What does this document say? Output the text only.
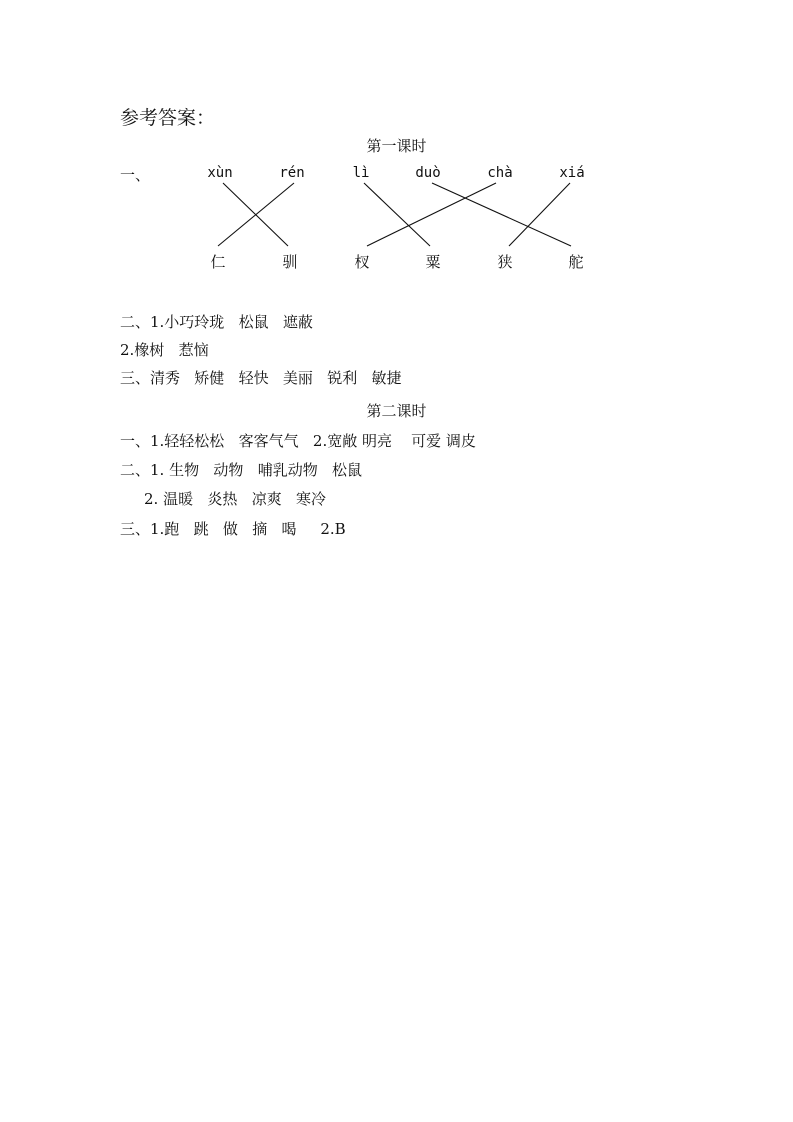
参考答案：
第一课时
一、	xùn	rén	lì	duò	chà	xiá
仁	驯	杈	粟	狭	舵
二、1.小巧玲珑   松鼠   遮蔽
2.橡树   惹恼
三、清秀   矫健   轻快   美丽   锐利   敏捷
第二课时
一、1.轻轻松松   客客气气   2.宽敞 明亮    可爱 调皮
二、1. 生物   动物   哺乳动物   松鼠
2. 温暖   炎热   凉爽   寒冷
三、1.跑   跳   做   摘   喝     2.B
